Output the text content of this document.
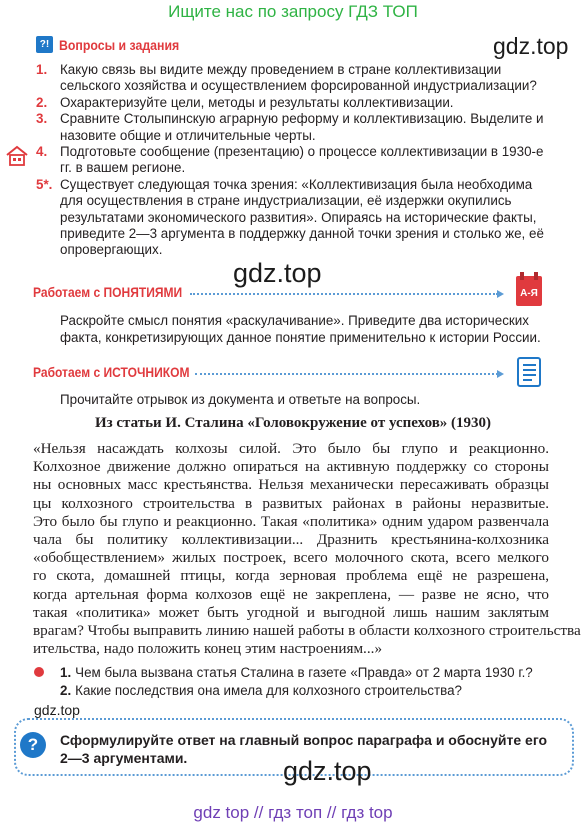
Ищите нас по запросу ГДЗ ТОП
gdz.top
?! Вопросы и задания
1. Какую связь вы видите между проведением в стране коллективизации сельского хозяйства и осуществлением форсированной индустриализации?
2. Охарактеризуйте цели, методы и результаты коллективизации.
3. Сравните Столыпинскую аграрную реформу и коллективизацию. Выделите и назовите общие и отличительные черты.
4. Подготовьте сообщение (презентацию) о процессе коллективизации в 1930-е гг. в вашем регионе.
5*. Существует следующая точка зрения: «Коллективизация была необходима для осуществления в стране индустриализации, её издержки окупились результатами экономического развития». Опираясь на исторические факты, приведите 2—3 аргумента в поддержку данной точки зрения и столько же, её опровергающих.
gdz.top
Работаем с ПОНЯТИЯМИ	А-Я
Раскройте смысл понятия «раскулачивание». Приведите два исторических факта, конкретизирующих данное понятие применительно к истории России.
Работаем с ИСТОЧНИКОМ
Прочитайте отрывок из документа и ответьте на вопросы.
Из статьи И. Сталина «Головокружение от успехов» (1930)
«Нельзя насаждать колхозы силой. Это было бы глупо и реакционно.
Колхозное движение должно опираться на активную поддержку со стороны
ны основных масс крестьянства. Нельзя механически пересаживать образцы
цы колхозного строительства в развитых районах в районы неразвитые.
Это было бы глупо и реакционно. Такая «политика» одним ударом развенчала
чала бы политику коллективизации... Дразнить крестьянина-колхозника
«обобществлением» жилых построек, всего молочного скота, всего мелкого
го скота, домашней птицы, когда зерновая проблема ещё не разрешена,
когда артельная форма колхозов ещё не закреплена, — разве не ясно, что
такая «политика» может быть угодной и выгодной лишь нашим заклятым
врагам? Чтобы выправить линию нашей работы в области колхозного строительства
ительства, надо положить конец этим настроениям...»
1. Чем была вызвана статья Сталина в газете «Правда» от 2 марта 1930 г.?
2. Какие последствия она имела для колхозного строительства?
gdz.top
?	Сформулируйте ответ на главный вопрос параграфа и обоснуйте его 2—3 аргументами.	gdz.top
gdz top // гдз топ // гдз top
